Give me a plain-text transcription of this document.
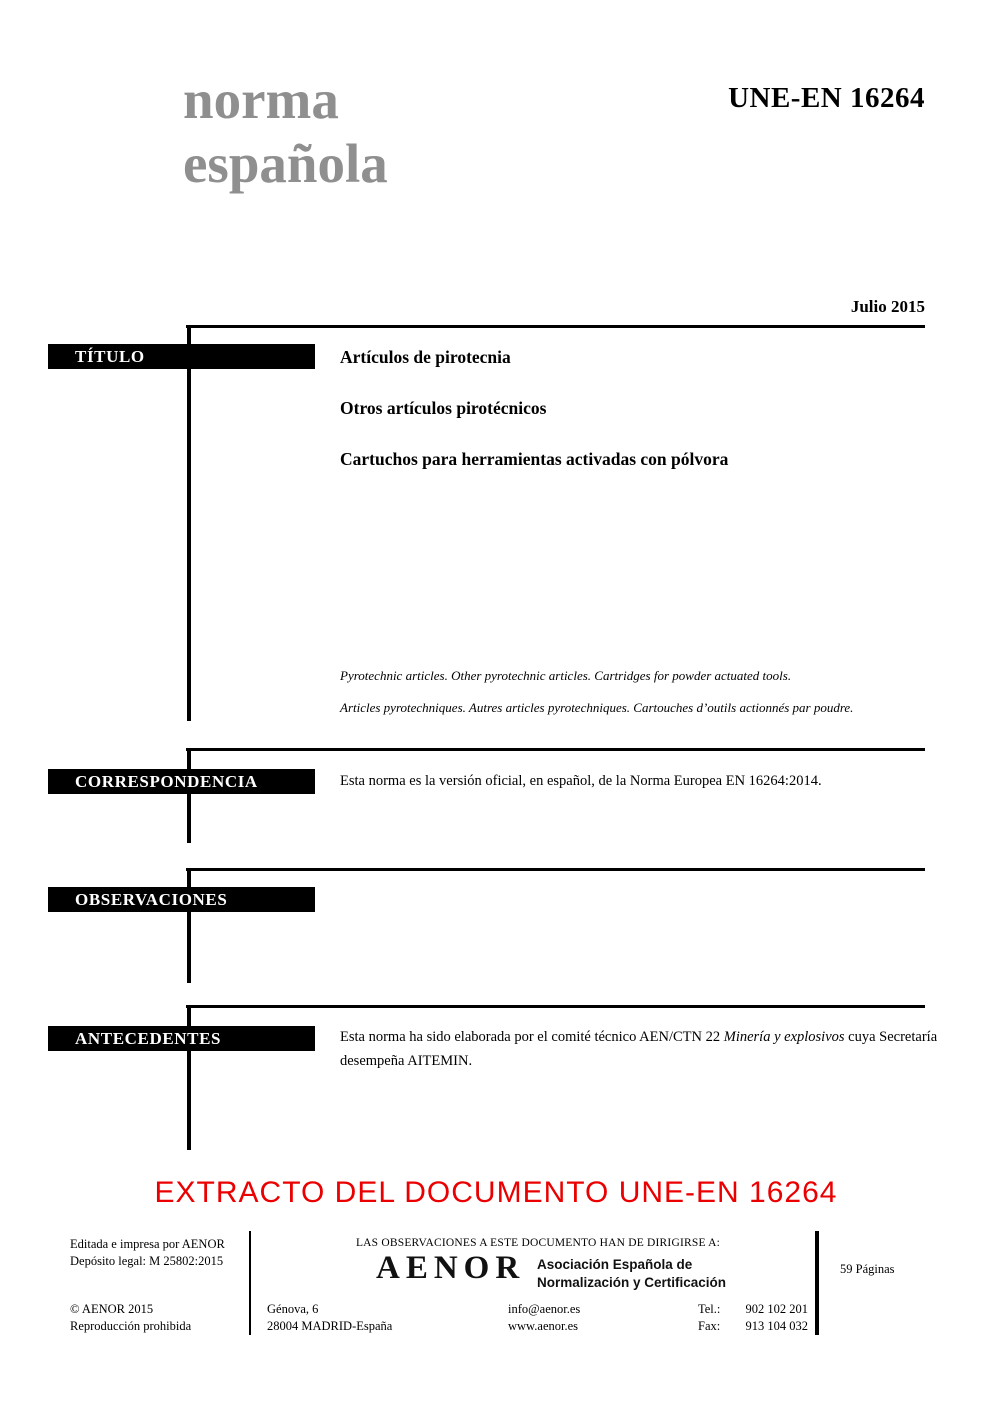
norma
española
UNE-EN 16264
Julio 2015
TÍTULO	Artículos de pirotecnia
Otros artículos pirotécnicos
Cartuchos para herramientas activadas con pólvora
Pyrotechnic articles. Other pyrotechnic articles. Cartridges for powder actuated tools.
Articles pyrotechniques. Autres articles pyrotechniques. Cartouches d’outils actionnés par poudre.
CORRESPONDENCIA	Esta norma es la versión oficial, en español, de la Norma Europea EN 16264:2014.
OBSERVACIONES
ANTECEDENTES	Esta norma ha sido elaborada por el comité técnico AEN/CTN 22 Minería y explosivos cuya Secretaría desempeña AITEMIN.
EXTRACTO DEL DOCUMENTO UNE-EN 16264
Editada e impresa por AENOR
Depósito legal: M 25802:2015
© AENOR 2015
Reproducción prohibida
LAS OBSERVACIONES A ESTE DOCUMENTO HAN DE DIRIGIRSE A:
AENOR Asociación Española de
Normalización y Certificación
Génova, 6
28004 MADRID-España
info@aenor.es
www.aenor.es
Tel.: 902 102 201
Fax: 913 104 032
59 Páginas
